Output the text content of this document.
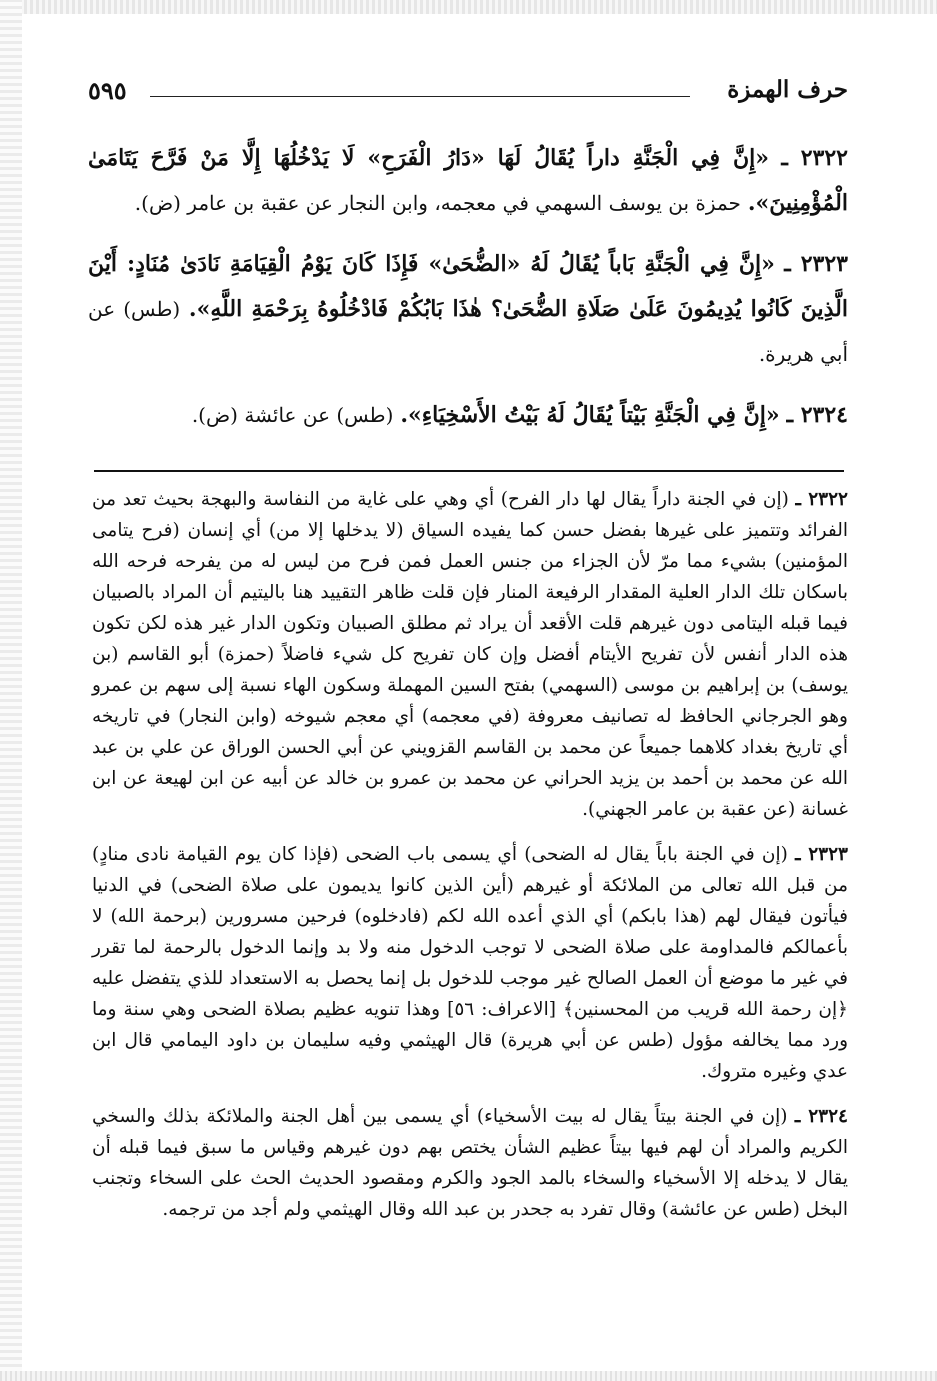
٥٩٥	حرف الهمزة

٢٣٢٢ ـ «إِنَّ فِي الْجَنَّةِ داراً يُقَالُ لَهَا «دَارُ الْفَرَحِ» لَا يَدْخُلُهَا إِلَّا مَنْ فَرَّحَ يَتَامَىٰ الْمُؤْمِنِينَ». حمزة بن يوسف السهمي في معجمه، وابن النجار عن عقبة بن عامر (ض).

٢٣٢٣ ـ «إِنَّ فِي الْجَنَّةِ بَاباً يُقَالُ لَهُ «الضُّحَىٰ» فَإِذَا كَانَ يَوْمُ الْقِيَامَةِ نَادَىٰ مُنَادٍ: أَيْنَ الَّذِينَ كَانُوا يُدِيمُونَ عَلَىٰ صَلَاةِ الضُّحَىٰ؟ هٰذَا بَابُكُمْ فَادْخُلُوهُ بِرَحْمَةِ اللَّهِ». (طس) عن أبي هريرة.

٢٣٢٤ ـ «إِنَّ فِي الْجَنَّةِ بَيْتاً يُقَالُ لَهُ بَيْتُ الأَسْخِيَاءِ». (طس) عن عائشة (ض).

٢٣٢٢ ـ (إن في الجنة داراً يقال لها دار الفرح) أي وهي على غاية من النفاسة والبهجة بحيث تعد من الفرائد وتتميز على غيرها بفضل حسن كما يفيده السياق (لا يدخلها إلا من) أي إنسان (فرح يتامى المؤمنين) بشيء مما مرّ لأن الجزاء من جنس العمل فمن فرح من ليس له من يفرحه فرحه الله باسكان تلك الدار العلية المقدار الرفيعة المنار فإن قلت ظاهر التقييد هنا باليتيم أن المراد بالصبيان فيما قبله اليتامى دون غيرهم قلت الأقعد أن يراد ثم مطلق الصبيان وتكون الدار غير هذه لكن تكون هذه الدار أنفس لأن تفريح الأيتام أفضل وإن كان تفريح كل شيء فاضلاً (حمزة) أبو القاسم (بن يوسف) بن إبراهيم بن موسى (السهمي) بفتح السين المهملة وسكون الهاء نسبة إلى سهم بن عمرو وهو الجرجاني الحافظ له تصانيف معروفة (في معجمه) أي معجم شيوخه (وابن النجار) في تاريخه أي تاريخ بغداد كلاهما جميعاً عن محمد بن القاسم القزويني عن أبي الحسن الوراق عن علي بن عبد الله عن محمد بن أحمد بن يزيد الحراني عن محمد بن عمرو بن خالد عن أبيه عن ابن لهيعة عن ابن غسانة (عن عقبة بن عامر الجهني).

٢٣٢٣ ـ (إن في الجنة باباً يقال له الضحى) أي يسمى باب الضحى (فإذا كان يوم القيامة نادى منادٍ) من قبل الله تعالى من الملائكة أو غيرهم (أين الذين كانوا يديمون على صلاة الضحى) في الدنيا فيأتون فيقال لهم (هذا بابكم) أي الذي أعده الله لكم (فادخلوه) فرحين مسرورين (برحمة الله) لا بأعمالكم فالمداومة على صلاة الضحى لا توجب الدخول منه ولا بد وإنما الدخول بالرحمة لما تقرر في غير ما موضع أن العمل الصالح غير موجب للدخول بل إنما يحصل به الاستعداد للذي يتفضل عليه ﴿إن رحمة الله قريب من المحسنين﴾ [الاعراف: ٥٦] وهذا تنويه عظيم بصلاة الضحى وهي سنة وما ورد مما يخالفه مؤول (طس عن أبي هريرة) قال الهيثمي وفيه سليمان بن داود اليمامي قال ابن عدي وغيره متروك.

٢٣٢٤ ـ (إن في الجنة بيتاً يقال له بيت الأسخياء) أي يسمى بين أهل الجنة والملائكة بذلك والسخي الكريم والمراد أن لهم فيها بيتاً عظيم الشأن يختص بهم دون غيرهم وقياس ما سبق فيما قبله أن يقال لا يدخله إلا الأسخياء والسخاء بالمد الجود والكرم ومقصود الحديث الحث على السخاء وتجنب البخل (طس عن عائشة) وقال تفرد به جحدر بن عبد الله وقال الهيثمي ولم أجد من ترجمه.
